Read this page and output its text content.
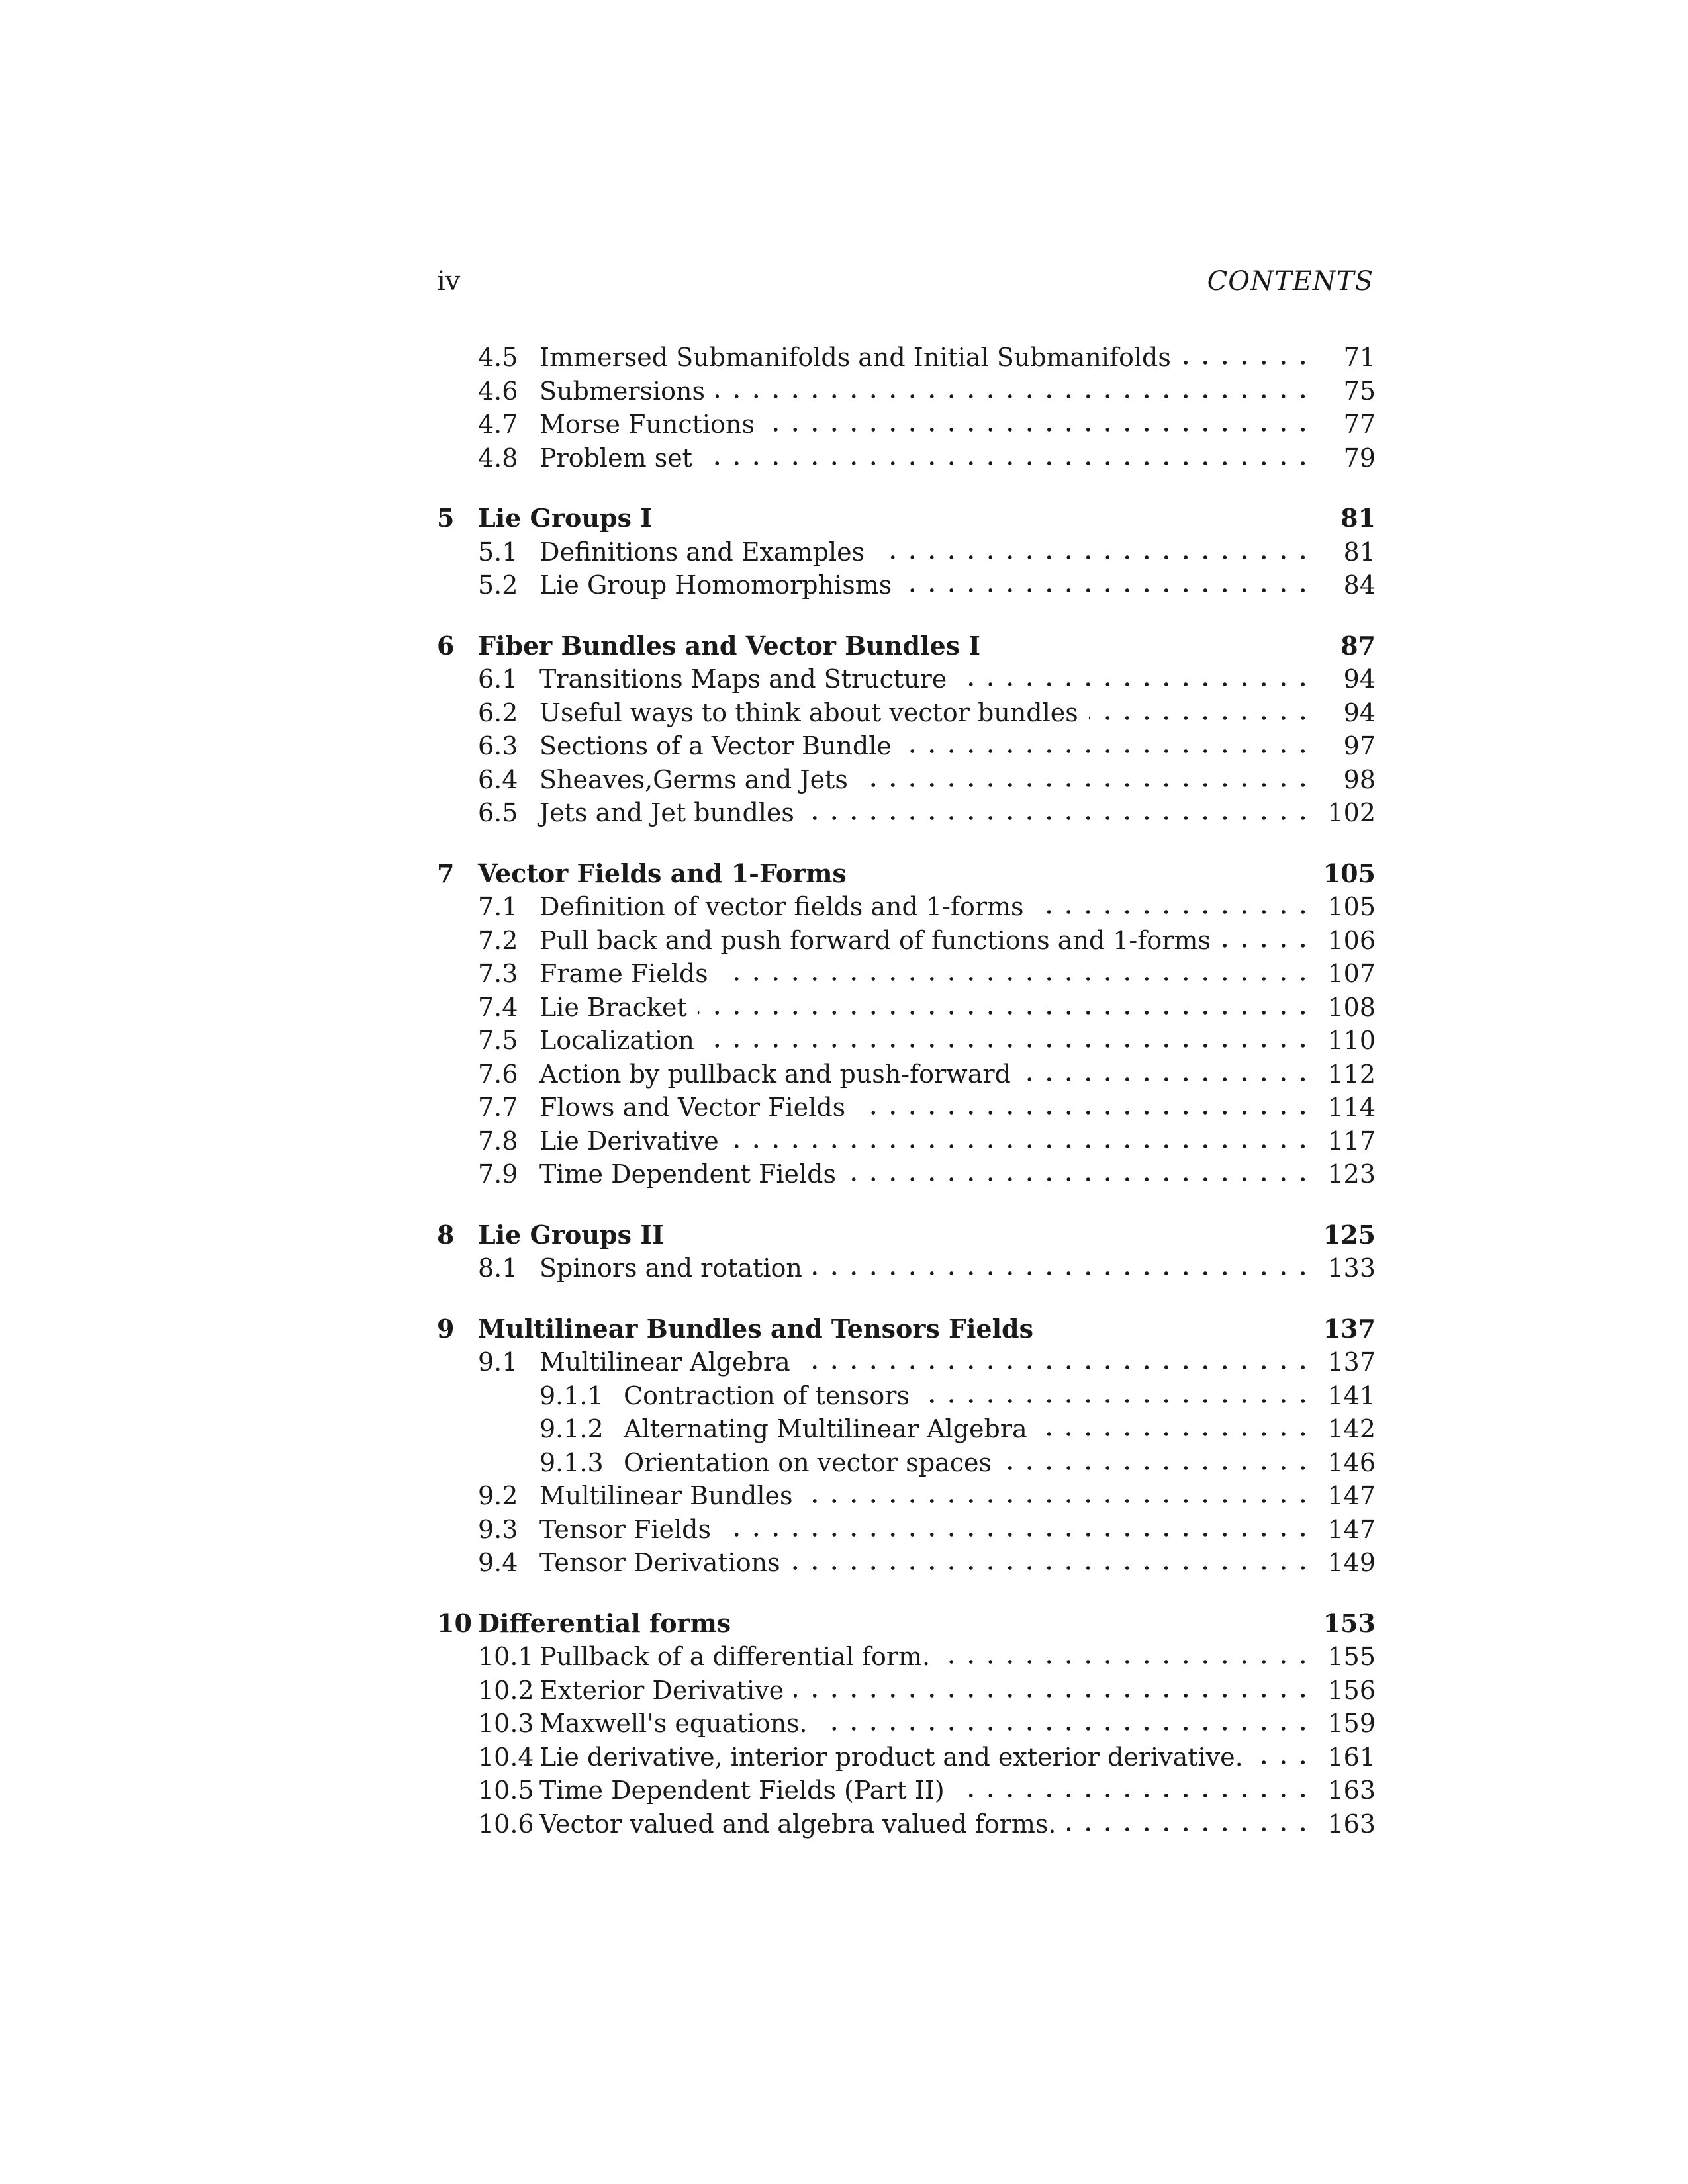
iv	CONTENTS
4.5 Immersed Submanifolds and Initial Submanifolds	71
4.6 Submersions	75
4.7 Morse Functions	77
4.8 Problem set	79
5 Lie Groups I	81
5.1 Definitions and Examples	81
5.2 Lie Group Homomorphisms	84
6 Fiber Bundles and Vector Bundles I	87
6.1 Transitions Maps and Structure	94
6.2 Useful ways to think about vector bundles	94
6.3 Sections of a Vector Bundle	97
6.4 Sheaves,Germs and Jets	98
6.5 Jets and Jet bundles	102
7 Vector Fields and 1-Forms	105
7.1 Definition of vector fields and 1-forms	105
7.2 Pull back and push forward of functions and 1-forms	106
7.3 Frame Fields	107
7.4 Lie Bracket	108
7.5 Localization	110
7.6 Action by pullback and push-forward	112
7.7 Flows and Vector Fields	114
7.8 Lie Derivative	117
7.9 Time Dependent Fields	123
8 Lie Groups II	125
8.1 Spinors and rotation	133
9 Multilinear Bundles and Tensors Fields	137
9.1 Multilinear Algebra	137
9.1.1 Contraction of tensors	141
9.1.2 Alternating Multilinear Algebra	142
9.1.3 Orientation on vector spaces	146
9.2 Multilinear Bundles	147
9.3 Tensor Fields	147
9.4 Tensor Derivations	149
10 Differential forms	153
10.1 Pullback of a differential form.	155
10.2 Exterior Derivative	156
10.3 Maxwell's equations.	159
10.4 Lie derivative, interior product and exterior derivative.	161
10.5 Time Dependent Fields (Part II)	163
10.6 Vector valued and algebra valued forms.	163
